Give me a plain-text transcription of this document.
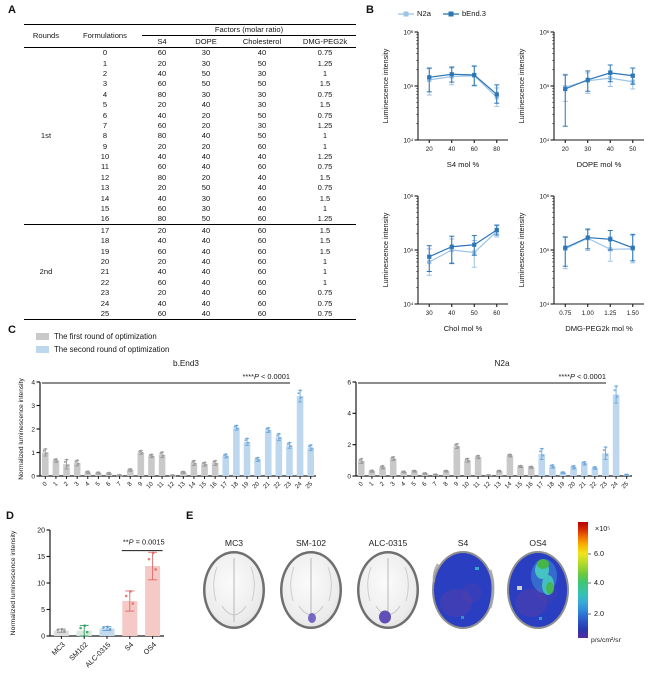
A	B
C
D	E
Rounds	Formulations	Factors (molar ratio)			
		S4	DOPE	Cholesterol	DMG-PEG2k
1st	0	60	30	40	0.75
	1	20	30	50	1.25
	2	40	50	30	1
	3	60	50	50	1.5
	4	80	30	30	0.75
	5	20	40	30	1.5
	6	40	20	50	0.75
	7	60	20	30	1.25
	8	80	40	50	1
	9	20	20	60	1
	10	40	40	40	1.25
	11	60	40	60	0.75
	12	80	20	40	1.5
	13	20	50	40	0.75
	14	40	30	60	1.5
	15	60	30	40	1
	16	80	50	60	1.25
2nd	17	20	40	60	1.5
	18	40	40	60	1.5
	19	60	40	60	1.5
	20	20	40	60	1
	21	40	40	60	1
	22	60	40	60	1
	23	20	40	60	0.75
	24	40	40	60	0.75
	25	60	40	60	0.75
N2a	bEnd.3
The first round of optimization
The second round of optimization
10⁴
10⁵
10⁶
20	40	60	80
S4 mol %
Luminescence intensity
10⁴
10⁵
10⁶
20	30	40	50
DOPE mol %
Luminescence intensity
10⁴
10⁵
10⁶
30	40	50	60
Chol mol %
Luminescence intensity
10⁴
10⁵
10⁶
0.75 1.00 1.25 1.50
DMG-PEG2k mol %
Luminescence intensity
b.End3
0
1
2
3
4
Normalized luminescence intensity
0 1 2 3 4 5 6 7 8 9 10 11 12 13 14 15 16 17 18 19 20 21 22 23 24 25
****P < 0.0001
N2a
0
2
4
6
0 1 2 3 4 5 6 7 8 9 10 11 12 13 14 15 16 17 18 19 20 21 22 23 24 25
****P < 0.0001
0
5
10
15
20
Normalized luminescence intensity
MC3 SM102
ALC-0315 S4 OS4
**P = 0.0015	MC3	SM-102	ALC-0315	S4	OS4
×10⁵
6.0
4.0
2.0
p/s/cm²/sr
